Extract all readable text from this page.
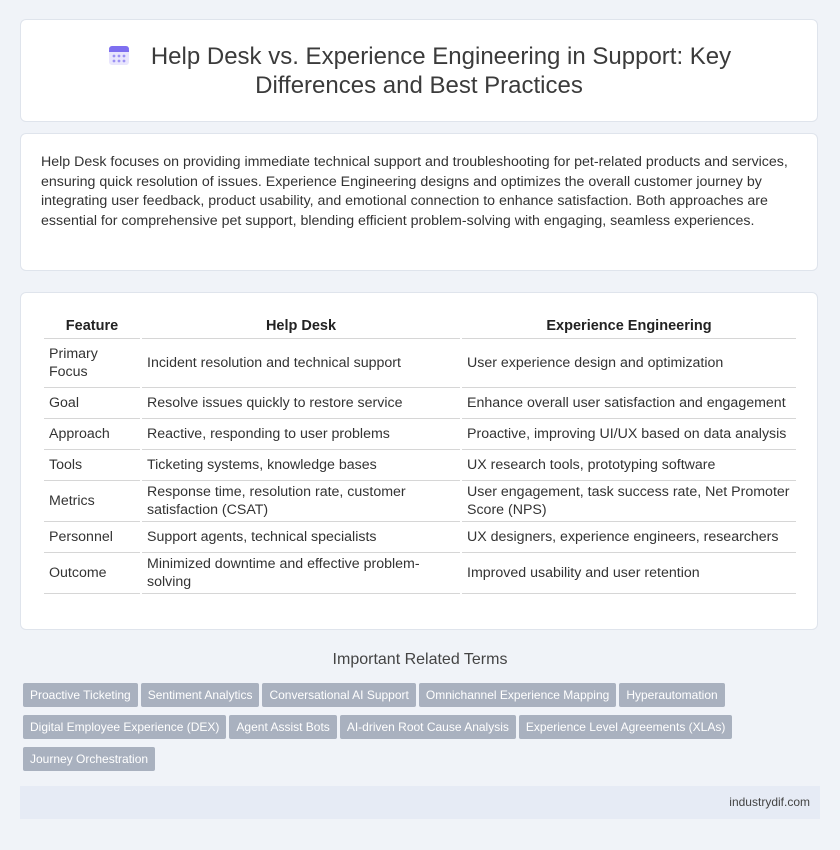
Help Desk vs. Experience Engineering in Support: Key Differences and Best Practices
Help Desk focuses on providing immediate technical support and troubleshooting for pet-related products and services, ensuring quick resolution of issues. Experience Engineering designs and optimizes the overall customer journey by integrating user feedback, product usability, and emotional connection to enhance satisfaction. Both approaches are essential for comprehensive pet support, blending efficient problem-solving with engaging, seamless experiences.
Feature	Help Desk	Experience Engineering
Primary Focus	Incident resolution and technical support	User experience design and optimization
Goal	Resolve issues quickly to restore service	Enhance overall user satisfaction and engagement
Approach	Reactive, responding to user problems	Proactive, improving UI/UX based on data analysis
Tools	Ticketing systems, knowledge bases	UX research tools, prototyping software
Metrics	Response time, resolution rate, customer satisfaction (CSAT)	User engagement, task success rate, Net Promoter Score (NPS)
Personnel	Support agents, technical specialists	UX designers, experience engineers, researchers
Outcome	Minimized downtime and effective problem-solving	Improved usability and user retention
Important Related Terms
Proactive Ticketing Sentiment Analytics Conversational AI Support Omnichannel Experience Mapping Hyperautomation
Digital Employee Experience (DEX) Agent Assist Bots AI-driven Root Cause Analysis Experience Level Agreements (XLAs)
Journey Orchestration
industrydif.com
